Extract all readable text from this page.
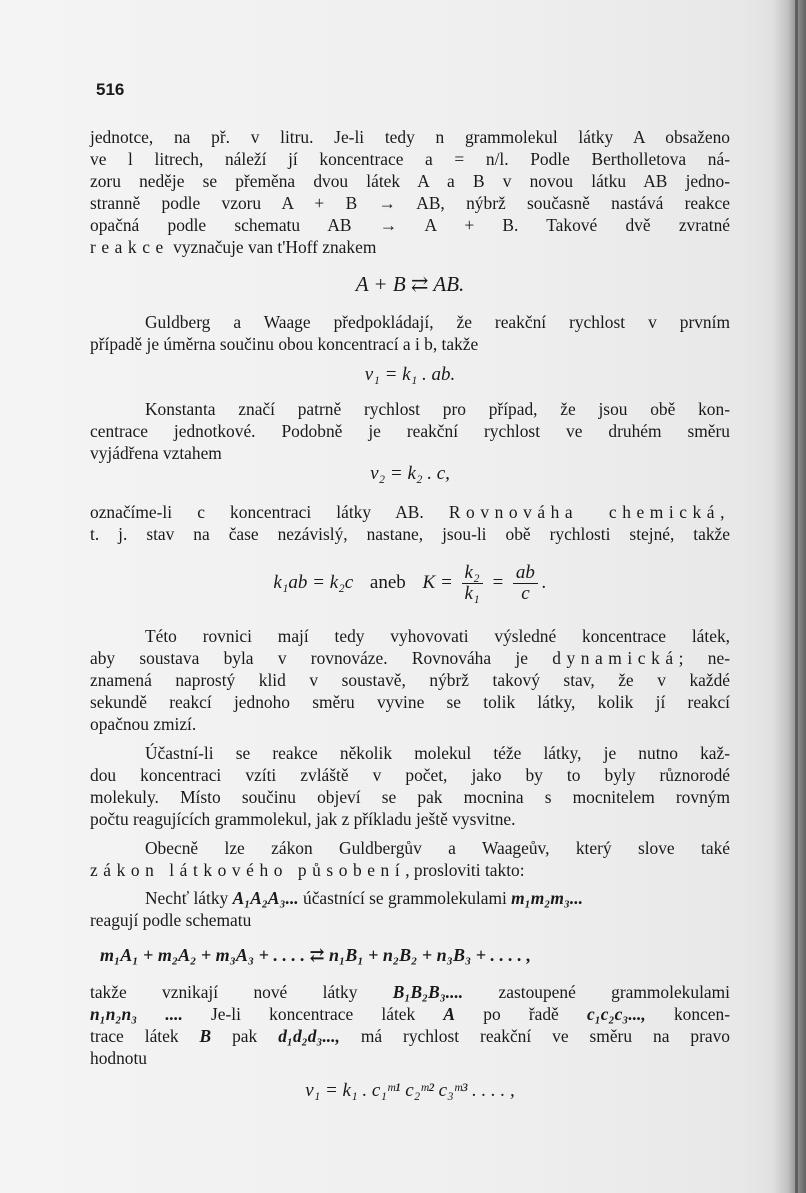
516
jednotce, na př. v litru. Je-li tedy n grammolekul látky A obsaženo
ve l litrech, náleží jí koncentrace a = n/l. Podle Bertholletova ná-
zoru neděje se přeměna dvou látek A a B v novou látku AB jedno-
stranně podle vzoru A + B → AB, nýbrž současně nastává reakce
opačná podle schematu AB → A + B. Takové dvě zvratné
reakce vyznačuje van t'Hoff znakem
A + B ⇄ AB.
Guldberg a Waage předpokládají, že reakční rychlost v prvním
případě je úměrna součinu obou koncentrací a i b, takže
v₁ = k₁ . ab.
Konstanta značí patrně rychlost pro případ, že jsou obě kon-
centrace jednotkové. Podobně je reakční rychlost ve druhém směru
vyjádřena vztahem
v₂ = k₂ . c,
označíme-li c koncentraci látky AB. Rovnováha chemická,
t. j. stav na čase nezávislý, nastane, jsou-li obě rychlosti stejné, takže
k₁ab = k₂c aneb $K = \frac{\text{k₂}}{\text{k₁}} = \frac{ab}{c}$ .
Této rovnici mají tedy vyhovovati výsledné koncentrace látek,
aby soustava byla v rovnováze. Rovnováha je dynamická; ne-
znamená naprostý klid v soustavě, nýbrž takový stav, že v každé
sekundě reakcí jednoho směru vyvine se tolik látky, kolik jí reakcí
opačnou zmizí.
Účastní-li se reakce několik molekul téže látky, je nutno kaž-
dou koncentraci vzíti zvláště v počet, jako by to byly různorodé
molekuly. Místo součinu objeví se pak mocnina s mocnitelem rovným
počtu reagujících grammolekul, jak z příkladu ještě vysvitne.
Obecně lze zákon Guldbergův a Waageův, který slove také
zákon látkového působení, prosloviti takto:
Nechť látky A₁A₂A₃... účastnící se grammolekulami m₁m₂m₃...
reagují podle schematu
m₁A₁ + m₂A₂ + m₃A₃ + . . . . ⇄ n₁B₁ + n₂B₂ + n₃B₃ + . . . . ,
takže vznikají nové látky B₁B₂B₃.... zastoupené grammolekulami
n₁n₂n₃ .... Je-li koncentrace látek A po řadě c₁c₂c₃..., koncen-
trace látek B pak d₁d₂d₃..., má rychlost reakční ve směru na pravo
hodnotu
v₁ = k₁ . c₁ᵐ¹ c₂ᵐ² c₃ᵐ³ . . . . ,
